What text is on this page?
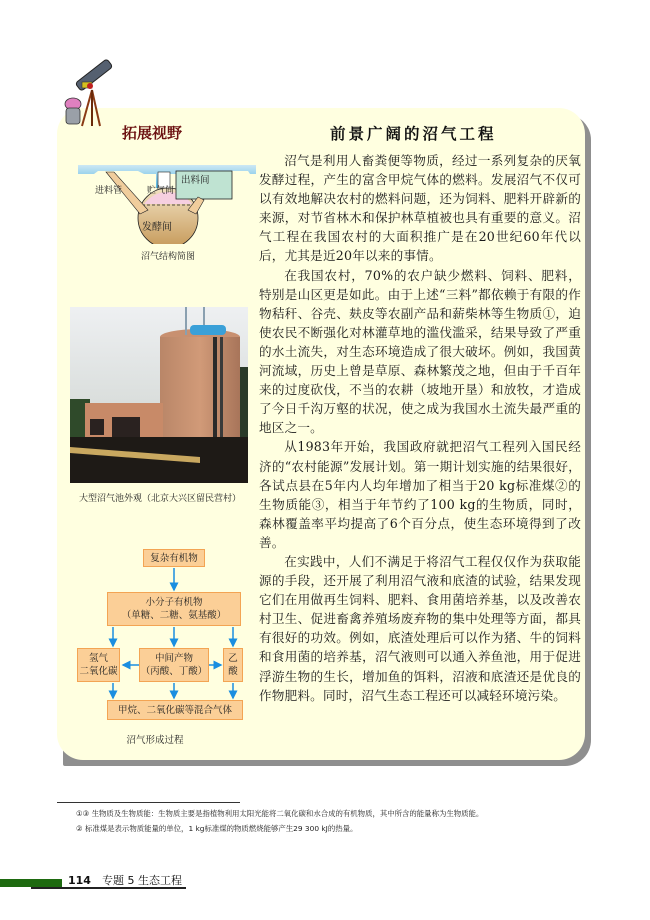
拓展视野	前景广阔的沼气工程
进料管	贮气间
出料间
发酵间
沼气结构简图
大型沼气池外观（北京大兴区留民营村）
复杂有机物
小分子有机物
（单糖、二糖、氨基酸）
氢气
二氧化碳
中间产物
（丙酸、丁酸）
乙
酸
甲烷、二氧化碳等混合气体
沼气形成过程

沼气是利用人畜粪便等物质，经过一系列复杂的厌氧发酵过程，产生的富含甲烷气体的燃料。发展沼气不仅可以有效地解决农村的燃料问题，还为饲料、肥料开辟新的来源，对节省林木和保护林草植被也具有重要的意义。沼气工程在我国农村的大面积推广是在20世纪60年代以后，尤其是近20年以来的事情。

在我国农村，70%的农户缺少燃料、饲料、肥料，特别是山区更是如此。由于上述“三料”都依赖于有限的作物秸秆、谷壳、麸皮等农副产品和薪柴林等生物质①，迫使农民不断强化对林灌草地的滥伐滥采，结果导致了严重的水土流失，对生态环境造成了很大破坏。例如，我国黄河流域，历史上曾是草原、森林繁茂之地，但由于千百年来的过度砍伐，不当的农耕（坡地开垦）和放牧，才造成了今日千沟万壑的状况，使之成为我国水土流失最严重的地区之一。

从1983年开始，我国政府就把沼气工程列入国民经济的“农村能源”发展计划。第一期计划实施的结果很好，各试点县在5年内人均年增加了相当于20 kg标准煤②的生物质能③，相当于年节约了100 kg的生物质，同时，森林覆盖率平均提高了6个百分点，使生态环境得到了改善。

在实践中，人们不满足于将沼气工程仅仅作为获取能源的手段，还开展了利用沼气液和底渣的试验，结果发现它们在用做再生饲料、肥料、食用菌培养基，以及改善农村卫生、促进畜禽养殖场废弃物的集中处理等方面，都具有很好的功效。例如，底渣处理后可以作为猪、牛的饲料和食用菌的培养基，沼气液则可以通入养鱼池，用于促进浮游生物的生长，增加鱼的饵料，沼液和底渣还是优良的作物肥料。同时，沼气生态工程还可以减轻环境污染。

①③ 生物质及生物质能：生物质主要是指植物利用太阳光能将二氧化碳和水合成的有机物质，其中所含的能量称为生物质能。
② 标准煤是表示物质能量的单位，1 kg标准煤的物质燃烧能够产生29 300 kJ的热量。
114 专题 5 生态工程
